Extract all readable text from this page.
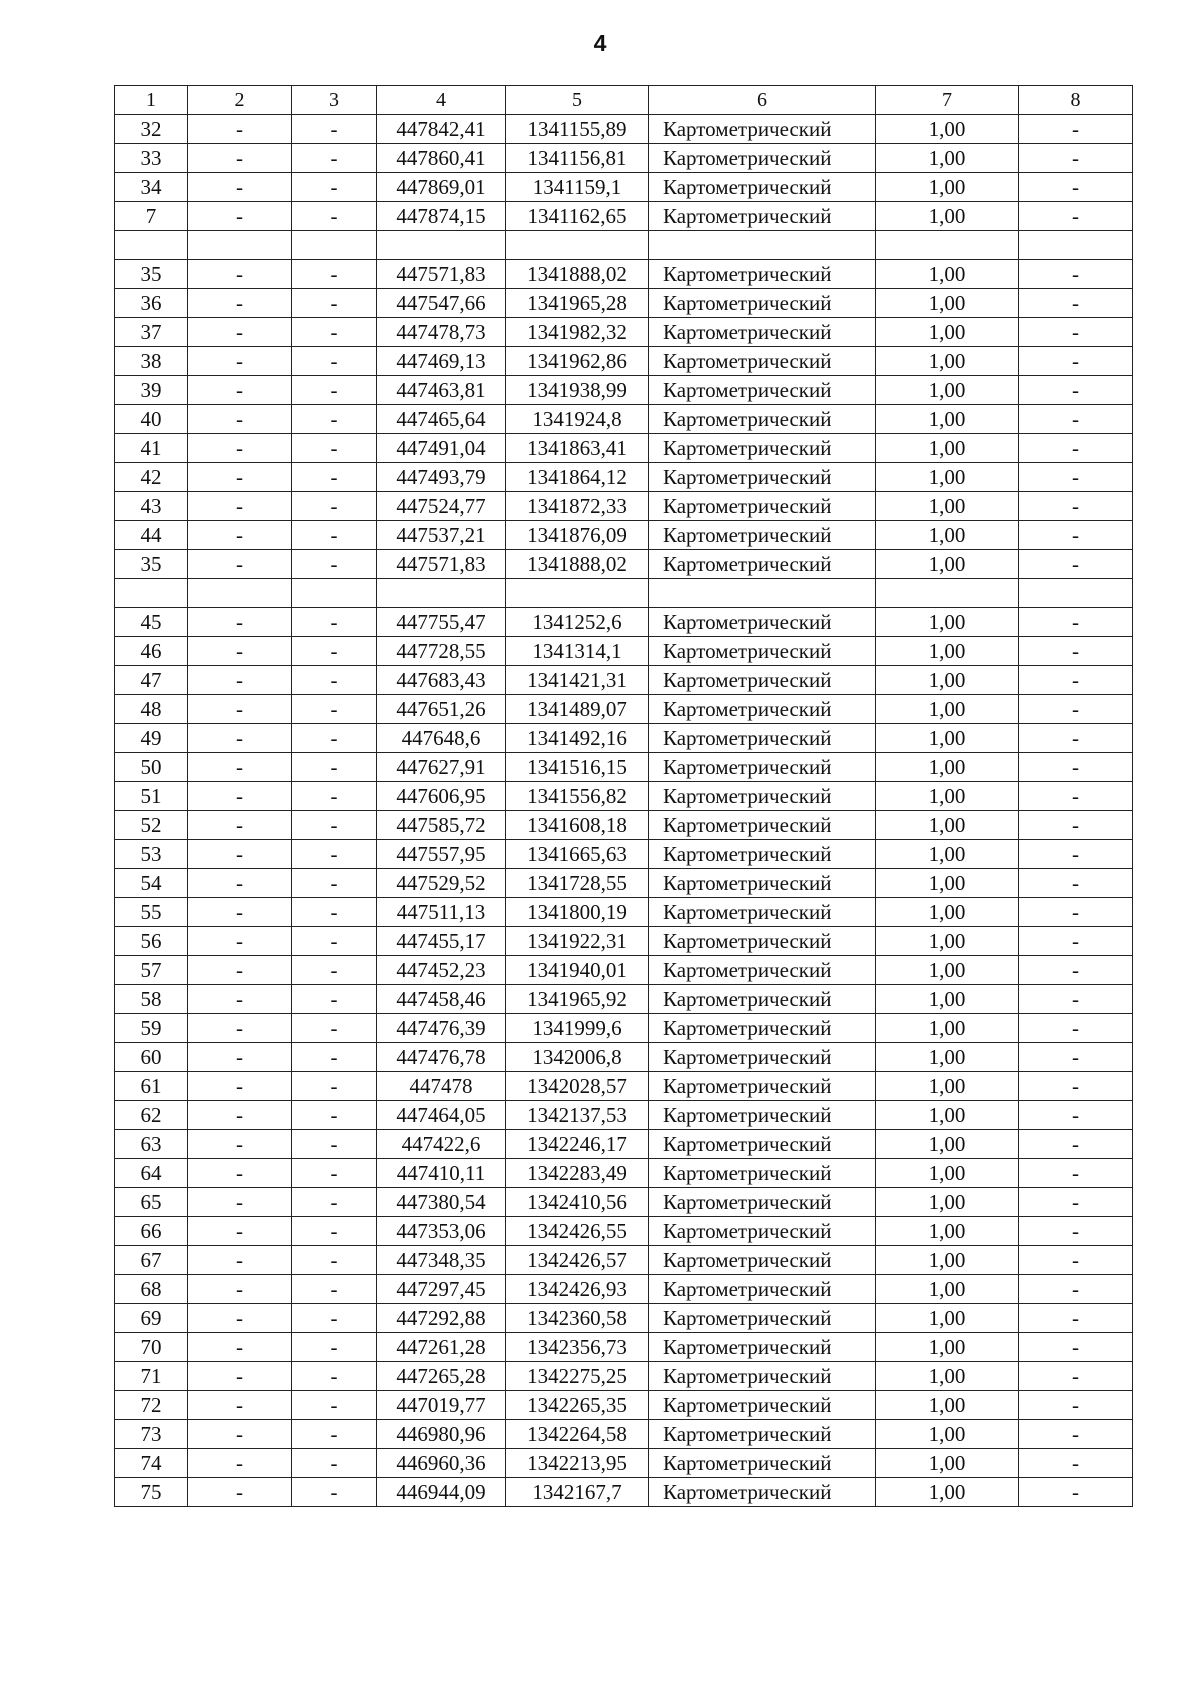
4
1	2	3	4	5	6	7	8
32	-	-	447842,41	1341155,89	Картометрический	1,00	-
33	-	-	447860,41	1341156,81	Картометрический	1,00	-
34	-	-	447869,01	1341159,1	Картометрический	1,00	-
7	-	-	447874,15	1341162,65	Картометрический	1,00	-

35	-	-	447571,83	1341888,02	Картометрический	1,00	-
36	-	-	447547,66	1341965,28	Картометрический	1,00	-
37	-	-	447478,73	1341982,32	Картометрический	1,00	-
38	-	-	447469,13	1341962,86	Картометрический	1,00	-
39	-	-	447463,81	1341938,99	Картометрический	1,00	-
40	-	-	447465,64	1341924,8	Картометрический	1,00	-
41	-	-	447491,04	1341863,41	Картометрический	1,00	-
42	-	-	447493,79	1341864,12	Картометрический	1,00	-
43	-	-	447524,77	1341872,33	Картометрический	1,00	-
44	-	-	447537,21	1341876,09	Картометрический	1,00	-
35	-	-	447571,83	1341888,02	Картометрический	1,00	-

45	-	-	447755,47	1341252,6	Картометрический	1,00	-
46	-	-	447728,55	1341314,1	Картометрический	1,00	-
47	-	-	447683,43	1341421,31	Картометрический	1,00	-
48	-	-	447651,26	1341489,07	Картометрический	1,00	-
49	-	-	447648,6	1341492,16	Картометрический	1,00	-
50	-	-	447627,91	1341516,15	Картометрический	1,00	-
51	-	-	447606,95	1341556,82	Картометрический	1,00	-
52	-	-	447585,72	1341608,18	Картометрический	1,00	-
53	-	-	447557,95	1341665,63	Картометрический	1,00	-
54	-	-	447529,52	1341728,55	Картометрический	1,00	-
55	-	-	447511,13	1341800,19	Картометрический	1,00	-
56	-	-	447455,17	1341922,31	Картометрический	1,00	-
57	-	-	447452,23	1341940,01	Картометрический	1,00	-
58	-	-	447458,46	1341965,92	Картометрический	1,00	-
59	-	-	447476,39	1341999,6	Картометрический	1,00	-
60	-	-	447476,78	1342006,8	Картометрический	1,00	-
61	-	-	447478	1342028,57	Картометрический	1,00	-
62	-	-	447464,05	1342137,53	Картометрический	1,00	-
63	-	-	447422,6	1342246,17	Картометрический	1,00	-
64	-	-	447410,11	1342283,49	Картометрический	1,00	-
65	-	-	447380,54	1342410,56	Картометрический	1,00	-
66	-	-	447353,06	1342426,55	Картометрический	1,00	-
67	-	-	447348,35	1342426,57	Картометрический	1,00	-
68	-	-	447297,45	1342426,93	Картометрический	1,00	-
69	-	-	447292,88	1342360,58	Картометрический	1,00	-
70	-	-	447261,28	1342356,73	Картометрический	1,00	-
71	-	-	447265,28	1342275,25	Картометрический	1,00	-
72	-	-	447019,77	1342265,35	Картометрический	1,00	-
73	-	-	446980,96	1342264,58	Картометрический	1,00	-
74	-	-	446960,36	1342213,95	Картометрический	1,00	-
75	-	-	446944,09	1342167,7	Картометрический	1,00	-
